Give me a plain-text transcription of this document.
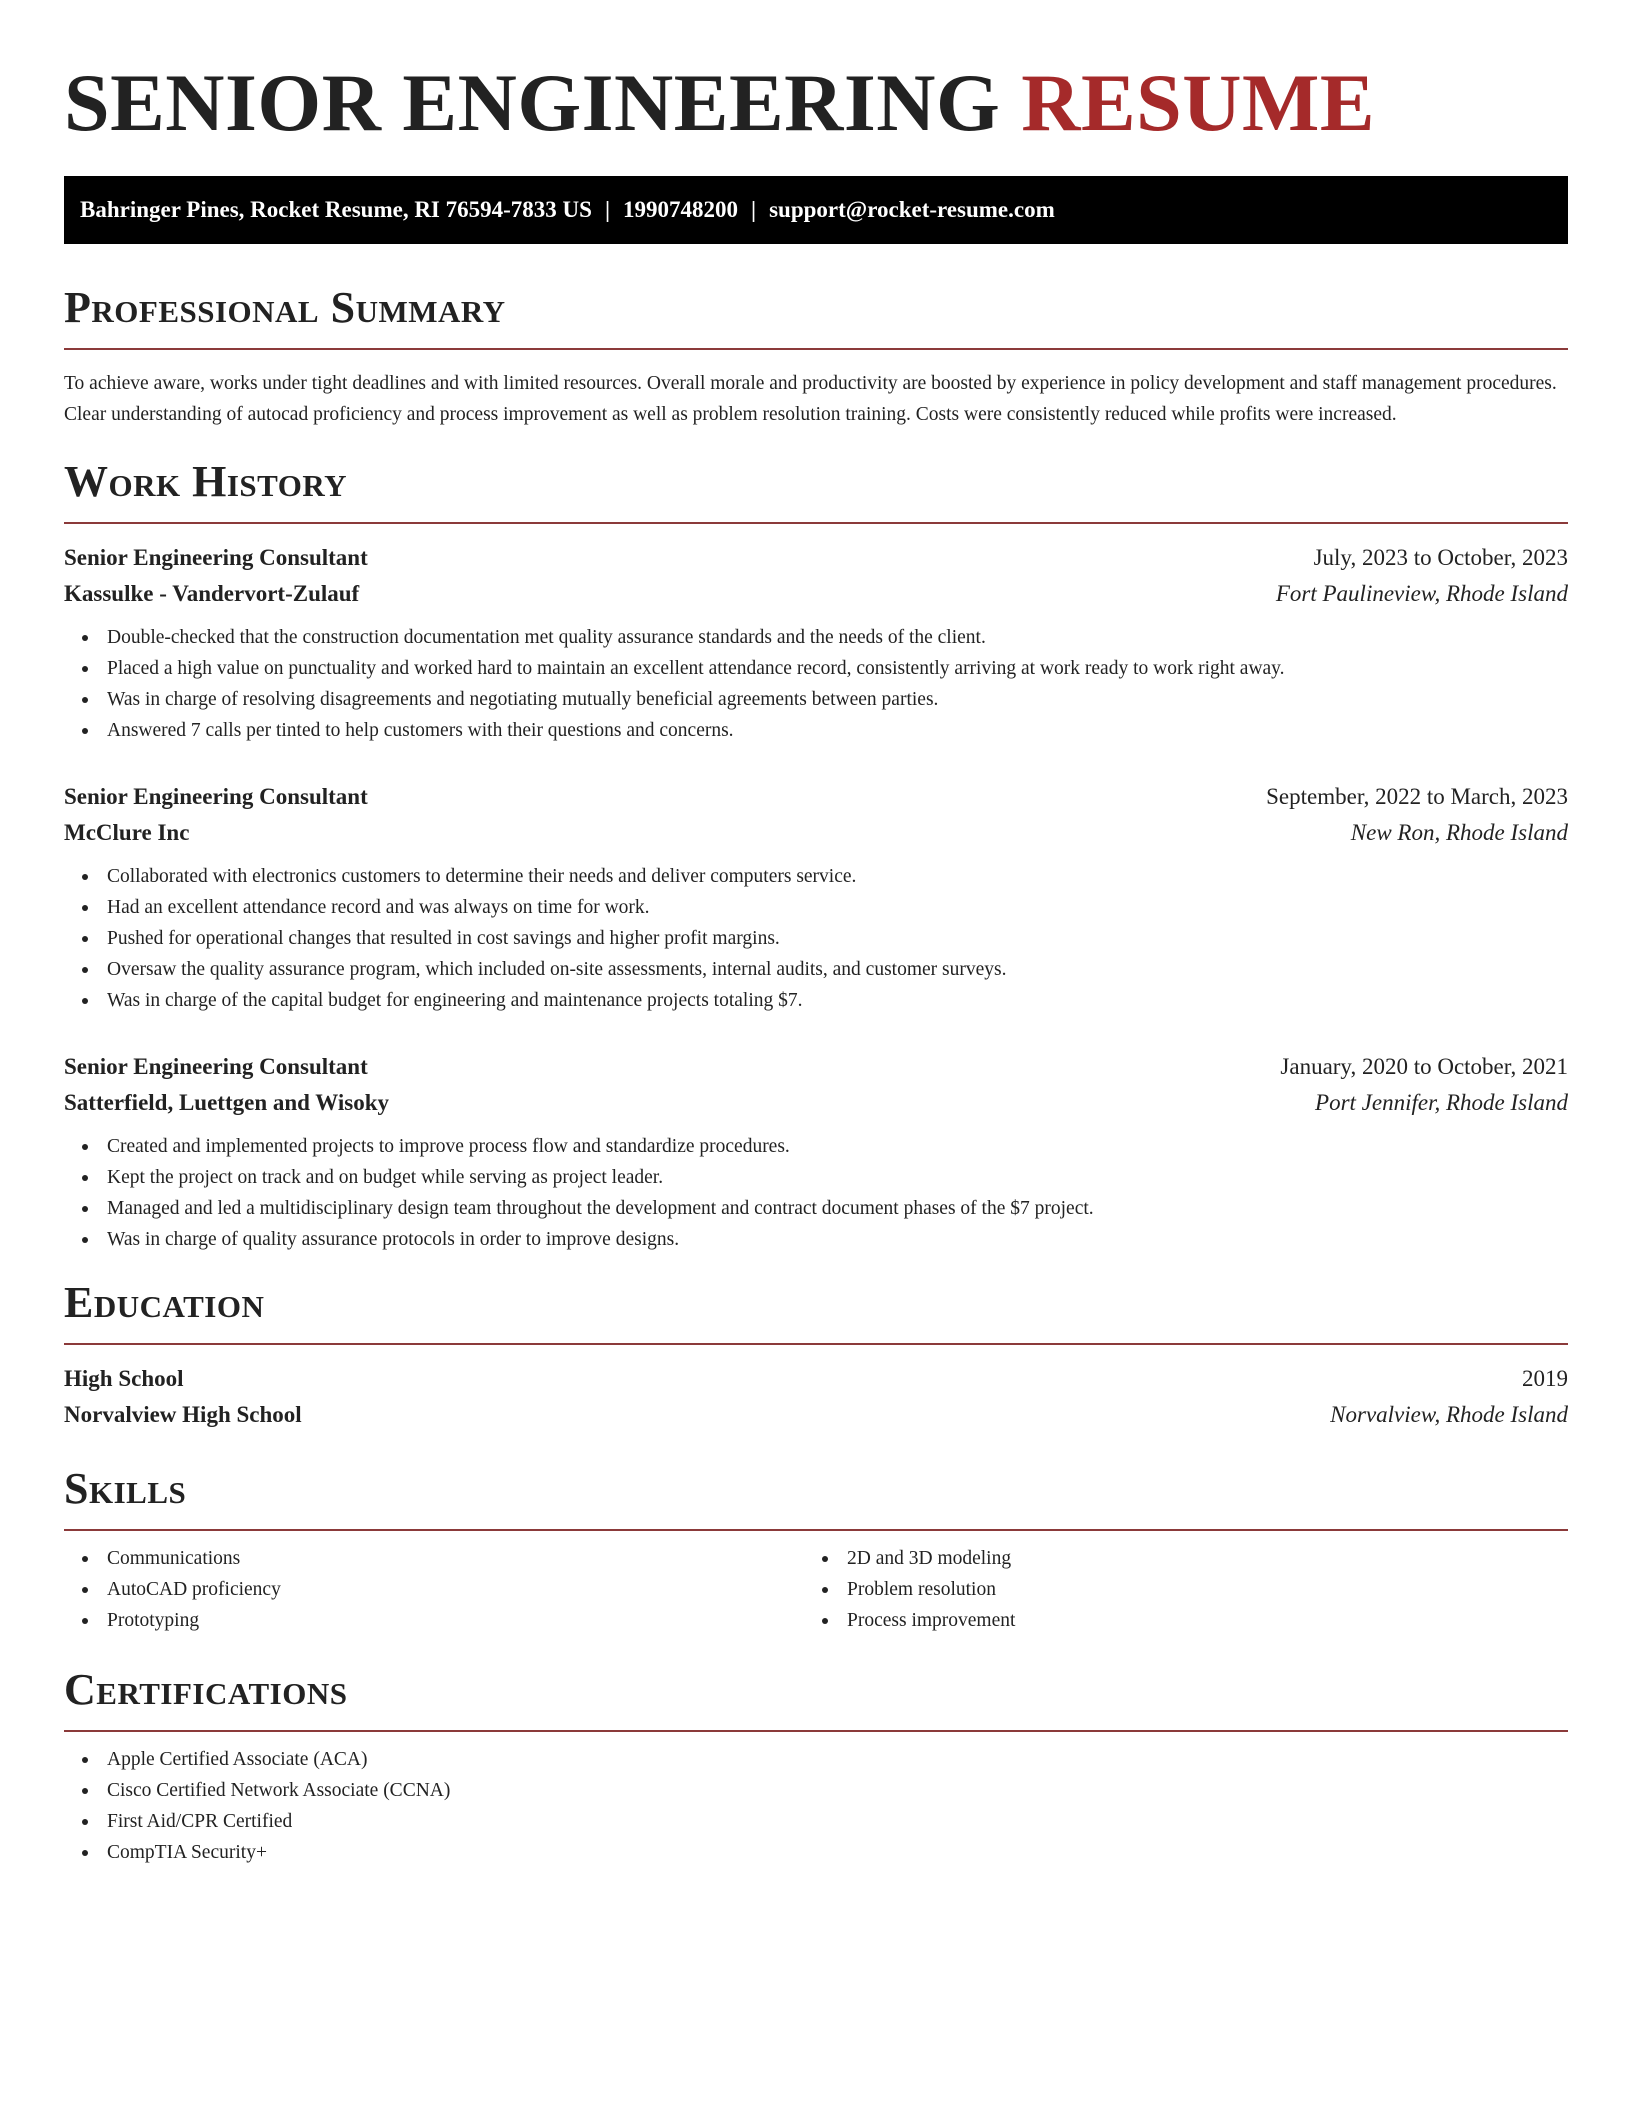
SENIOR ENGINEERING RESUME
Bahringer Pines, Rocket Resume, RI 76594-7833 US | 1990748200 | support@rocket-resume.com
Professional Summary

To achieve aware, works under tight deadlines and with limited resources. Overall morale and productivity are boosted by experience in policy development and staff management procedures. Clear understanding of autocad proficiency and process improvement as well as problem resolution training. Costs were consistently reduced while profits were increased.

Work History
Senior Engineering Consultant	July, 2023 to October, 2023
Kassulke - Vandervort-Zulauf	Fort Paulineview, Rhode Island
Double-checked that the construction documentation met quality assurance standards and the needs of the client.
Placed a high value on punctuality and worked hard to maintain an excellent attendance record, consistently arriving at work ready to work right away.
Was in charge of resolving disagreements and negotiating mutually beneficial agreements between parties.
Answered 7 calls per tinted to help customers with their questions and concerns.
Senior Engineering Consultant	September, 2022 to March, 2023
McClure Inc	New Ron, Rhode Island
Collaborated with electronics customers to determine their needs and deliver computers service.
Had an excellent attendance record and was always on time for work.
Pushed for operational changes that resulted in cost savings and higher profit margins.
Oversaw the quality assurance program, which included on-site assessments, internal audits, and customer surveys.
Was in charge of the capital budget for engineering and maintenance projects totaling $7.
Senior Engineering Consultant	January, 2020 to October, 2021
Satterfield, Luettgen and Wisoky	Port Jennifer, Rhode Island
Created and implemented projects to improve process flow and standardize procedures.
Kept the project on track and on budget while serving as project leader.
Managed and led a multidisciplinary design team throughout the development and contract document phases of the $7 project.
Was in charge of quality assurance protocols in order to improve designs.
Education
High School	2019
Norvalview High School	Norvalview, Rhode Island
Skills
Communications
AutoCAD proficiency
Prototyping
2D and 3D modeling
Problem resolution
Process improvement
Certifications
Apple Certified Associate (ACA)
Cisco Certified Network Associate (CCNA)
First Aid/CPR Certified
CompTIA Security+
